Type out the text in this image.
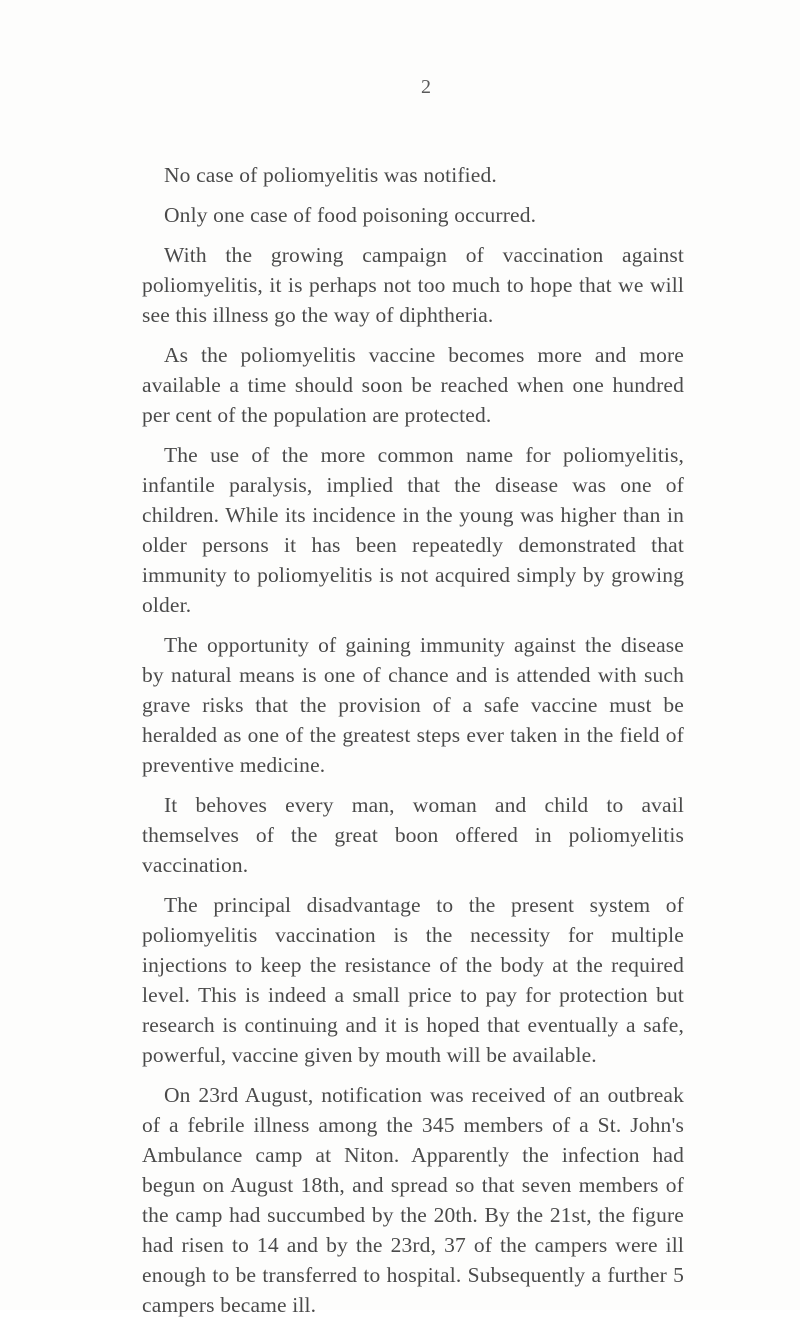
2

No case of poliomyelitis was notified.

Only one case of food poisoning occurred.

With the growing campaign of vaccination against poliomyelitis, it is perhaps not too much to hope that we will see this illness go the way of diphtheria.

As the poliomyelitis vaccine becomes more and more available a time should soon be reached when one hundred per cent of the population are protected.

The use of the more common name for poliomyelitis, infantile paralysis, implied that the disease was one of children. While its incidence in the young was higher than in older persons it has been repeatedly demonstrated that immunity to poliomyelitis is not acquired simply by growing older.

The opportunity of gaining immunity against the disease by natural means is one of chance and is attended with such grave risks that the provision of a safe vaccine must be heralded as one of the greatest steps ever taken in the field of preventive medicine.

It behoves every man, woman and child to avail themselves of the great boon offered in poliomyelitis vaccination.

The principal disadvantage to the present system of poliomyelitis vaccination is the necessity for multiple injections to keep the resistance of the body at the required level. This is indeed a small price to pay for protection but research is continuing and it is hoped that eventually a safe, powerful, vaccine given by mouth will be available.

On 23rd August, notification was received of an outbreak of a febrile illness among the 345 members of a St. John's Ambulance camp at Niton. Apparently the infection had begun on August 18th, and spread so that seven members of the camp had succumbed by the 20th. By the 21st, the figure had risen to 14 and by the 23rd, 37 of the campers were ill enough to be transferred to hospital. Subsequently a further 5 campers became ill.
